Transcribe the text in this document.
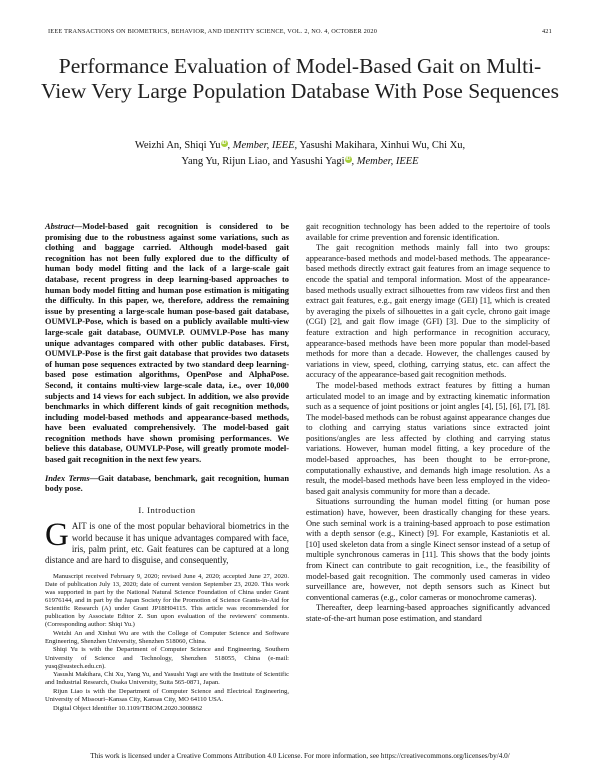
IEEE TRANSACTIONS ON BIOMETRICS, BEHAVIOR, AND IDENTITY SCIENCE, VOL. 2, NO. 4, OCTOBER 2020	421
Performance Evaluation of Model-Based Gait on Multi-View Very Large Population Database With Pose Sequences
Weizhi An, Shiqi YuiD, Member, IEEE, Yasushi Makihara, Xinhui Wu, Chi Xu,
Yang Yu, Rijun Liao, and Yasushi YagiiD, Member, IEEE

Abstract—Model-based gait recognition is considered to be promising due to the robustness against some variations, such as clothing and baggage carried. Although model-based gait recognition has not been fully explored due to the difficulty of human body model fitting and the lack of a large-scale gait database, recent progress in deep learning-based approaches to human body model fitting and human pose estimation is mitigating the difficulty. In this paper, we, therefore, address the remaining issue by presenting a large-scale human pose-based gait database, OUMVLP-Pose, which is based on a publicly available multi-view large-scale gait database, OUMVLP. OUMVLP-Pose has many unique advantages compared with other public databases. First, OUMVLP-Pose is the first gait database that provides two datasets of human pose sequences extracted by two standard deep learning-based pose estimation algorithms, OpenPose and AlphaPose. Second, it contains multi-view large-scale data, i.e., over 10,000 subjects and 14 views for each subject. In addition, we also provide benchmarks in which different kinds of gait recognition methods, including model-based methods and appearance-based methods, have been evaluated comprehensively. The model-based gait recognition methods have shown promising performances. We believe this database, OUMVLP-Pose, will greatly promote model-based gait recognition in the next few years.

Index Terms—Gait database, benchmark, gait recognition, human body pose.

I. Introduction

GAIT is one of the most popular behavioral biometrics in the world because it has unique advantages compared with face, iris, palm print, etc. Gait features can be captured at a long distance and are hard to disguise, and consequently,

Manuscript received February 9, 2020; revised June 4, 2020; accepted June 27, 2020. Date of publication July 13, 2020; date of current version September 23, 2020. This work was supported in part by the National Natural Science Foundation of China under Grant 61976144, and in part by the Japan Society for the Promotion of Science Grants-in-Aid for Scientific Research (A) under Grant JP18H04115. This article was recommended for publication by Associate Editor Z. Sun upon evaluation of the reviewers' comments. (Corresponding author: Shiqi Yu.)

Weizhi An and Xinhui Wu are with the College of Computer Science and Software Engineering, Shenzhen University, Shenzhen 518060, China.

Shiqi Yu is with the Department of Computer Science and Engineering, Southern University of Science and Technology, Shenzhen 518055, China (e-mail: yusq@sustech.edu.cn).

Yasushi Makihara, Chi Xu, Yang Yu, and Yasushi Yagi are with the Institute of Scientific and Industrial Research, Osaka University, Suita 565-0871, Japan.

Rijun Liao is with the Department of Computer Science and Electrical Engineering, University of Missouri–Kansas City, Kansas City, MO 64110 USA.

Digital Object Identifier 10.1109/TBIOM.2020.3008862

gait recognition technology has been added to the repertoire of tools available for crime prevention and forensic identification.

The gait recognition methods mainly fall into two groups: appearance-based methods and model-based methods. The appearance-based methods directly extract gait features from an image sequence to encode the spatial and temporal information. Most of the appearance-based methods usually extract silhouettes from raw videos first and then extract gait features, e.g., gait energy image (GEI) [1], which is created by averaging the pixels of silhouettes in a gait cycle, chrono gait image (CGI) [2], and gait flow image (GFI) [3]. Due to the simplicity of feature extraction and high performance in recognition accuracy, appearance-based methods have been more popular than model-based methods for more than a decade. However, the challenges caused by variations in view, speed, clothing, carrying status, etc. can affect the accuracy of the appearance-based gait recognition methods.

The model-based methods extract features by fitting a human articulated model to an image and by extracting kinematic information such as a sequence of joint positions or joint angles [4], [5], [6], [7], [8]. The model-based methods can be robust against appearance changes due to clothing and carrying status variations since extracted joint positions/angles are less affected by clothing and carrying status variations. However, human model fitting, a key procedure of the model-based approaches, has been thought to be error-prone, computationally exhaustive, and demands high image resolution. As a result, the model-based methods have been less employed in the video-based gait analysis community for more than a decade.

Situations surrounding the human model fitting (or human pose estimation) have, however, been drastically changing for these years. One such seminal work is a training-based approach to pose estimation with a depth sensor (e.g., Kinect) [9]. For example, Kastaniotis et al. [10] used skeleton data from a single Kinect sensor instead of a setup of multiple synchronous cameras in [11]. This shows that the body joints from Kinect can contribute to gait recognition, i.e., the feasibility of model-based gait recognition. The commonly used cameras in video surveillance are, however, not depth sensors such as Kinect but conventional cameras (e.g., color cameras or monochrome cameras).

Thereafter, deep learning-based approaches significantly advanced state-of-the-art human pose estimation, and standard

This work is licensed under a Creative Commons Attribution 4.0 License. For more information, see https://creativecommons.org/licenses/by/4.0/
